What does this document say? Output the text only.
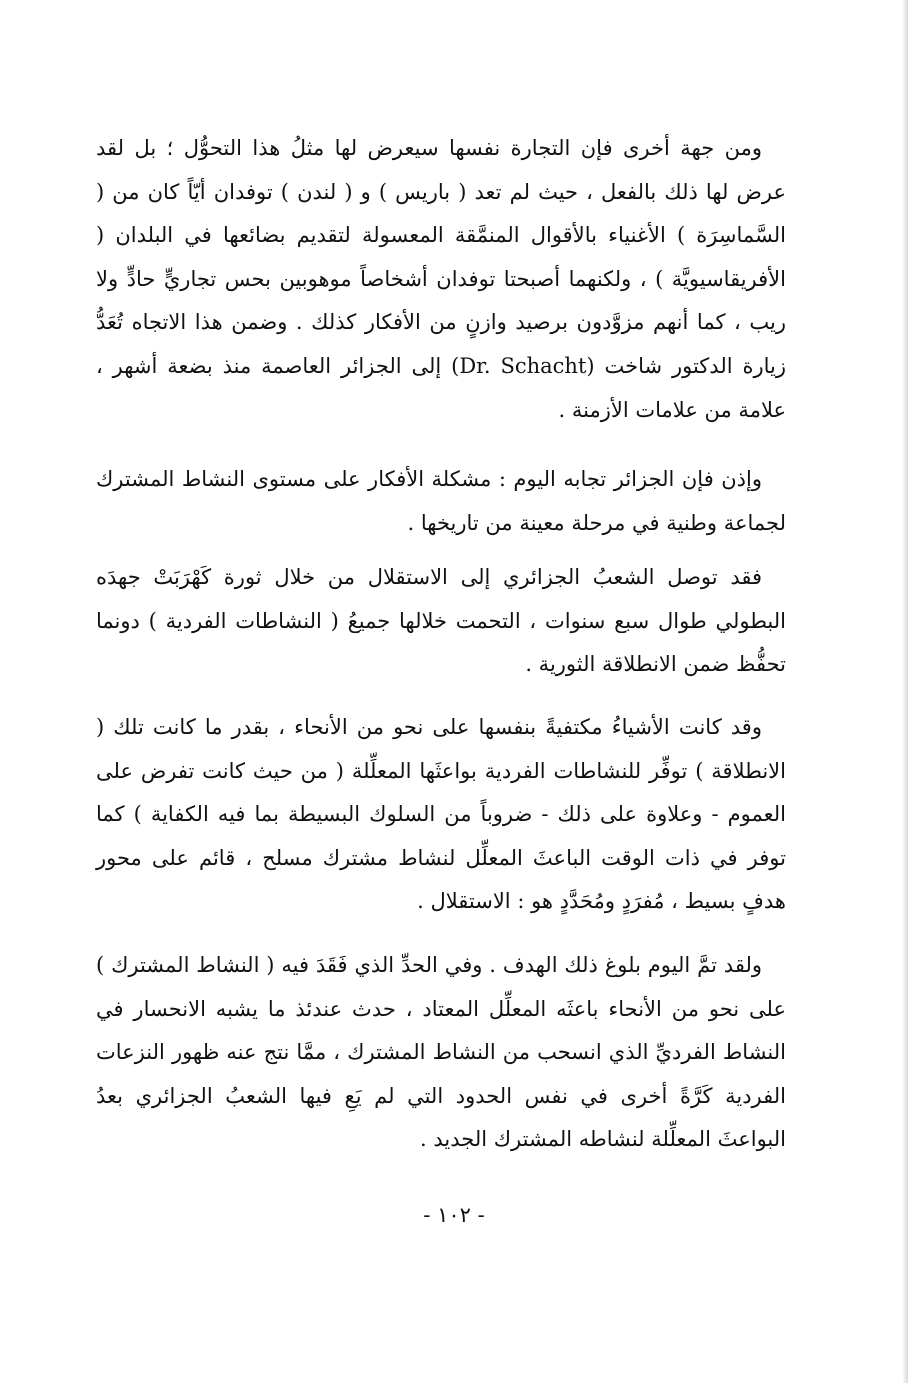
ومن جهة أخرى فإن التجارة نفسها سيعرض لها مثلُ هذا التحوُّل ؛ بل لقد عرض لها ذلك بالفعل ، حيث لم تعد ( باريس ) و ( لندن ) توفدان أيّاً كان من ( السَّماسِرَة ) الأغنياء بالأقوال المنمَّقة المعسولة لتقديم بضائعها في البلدان ( الأفريقاسيويَّة ) ، ولكنهما أصبحتا توفدان أشخاصاً موهوبين بحس تجاريٍّ حادٍّ ولا ريب ، كما أنهم مزوَّدون برصيد وازنٍ من الأفكار كذلك . وضمن هذا الاتجاه تُعَدُّ زيارة الدكتور شاخت (Dr. Schacht) إلى الجزائر العاصمة منذ بضعة أشهر ، علامة من علامات الأزمنة .

وإذن فإن الجزائر تجابه اليوم : مشكلة الأفكار على مستوى النشاط المشترك لجماعة وطنية في مرحلة معينة من تاريخها .

فقد توصل الشعبُ الجزائري إلى الاستقلال من خلال ثورة كَهْرَبَتْ جهدَه البطولي طوال سبع سنوات ، التحمت خلالها جميعُ ( النشاطات الفردية ) دونما تحفُّظ ضمن الانطلاقة الثورية .

وقد كانت الأشياءُ مكتفيةً بنفسها على نحو من الأنحاء ، بقدر ما كانت تلك ( الانطلاقة ) توفِّر للنشاطات الفردية بواعثَها المعلِّلة ( من حيث كانت تفرض على العموم - وعلاوة على ذلك - ضروباً من السلوك البسيطة بما فيه الكفاية ) كما توفر في ذات الوقت الباعثَ المعلِّل لنشاط مشترك مسلح ، قائم على محور هدفٍ بسيط ، مُفرَدٍ ومُحَدَّدٍ هو : الاستقلال .

ولقد تمَّ اليوم بلوغ ذلك الهدف . وفي الحدِّ الذي فَقَدَ فيه ( النشاط المشترك ) على نحو من الأنحاء باعثَه المعلِّل المعتاد ، حدث عندئذ ما يشبه الانحسار في النشاط الفرديِّ الذي انسحب من النشاط المشترك ، ممَّا نتج عنه ظهور النزعات الفردية كَرَّةً أخرى في نفس الحدود التي لم يَعِ فيها الشعبُ الجزائري بعدُ البواعثَ المعلِّلة لنشاطه المشترك الجديد .

- ١٠٢ -
